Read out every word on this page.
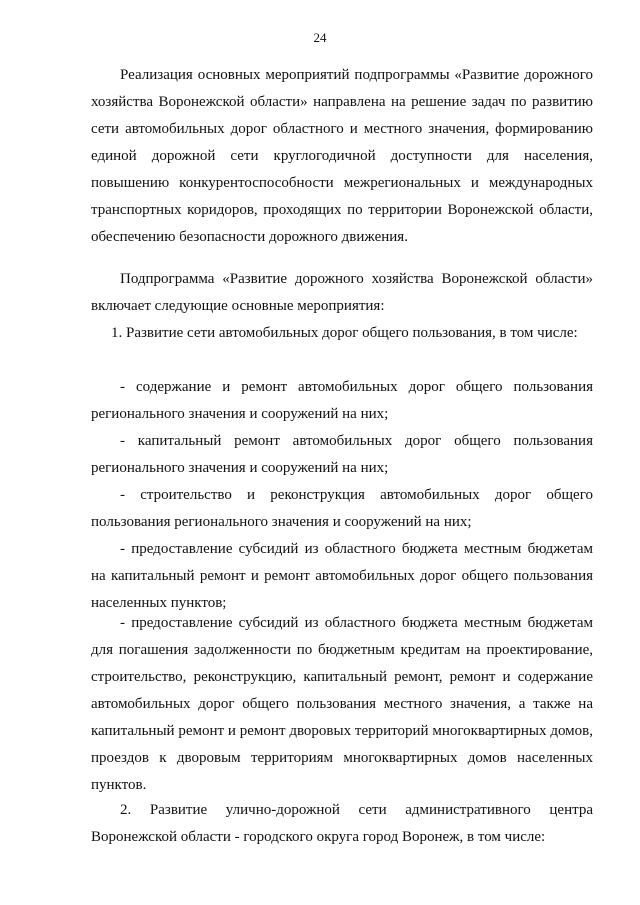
24

Реализация основных мероприятий подпрограммы «Развитие дорожного хозяйства Воронежской области» направлена на решение задач по развитию сети автомобильных дорог областного и местного значения, формированию единой дорожной сети круглогодичной доступности для населения, повышению конкурентоспособности межрегиональных и международных транспортных коридоров, проходящих по территории Воронежской области, обеспечению безопасности дорожного движения.

Подпрограмма «Развитие дорожного хозяйства Воронежской области» включает следующие основные мероприятия:

1. Развитие сети автомобильных дорог общего пользования, в том числе:

- содержание и ремонт автомобильных дорог общего пользования регионального значения и сооружений на них;

- капитальный ремонт автомобильных дорог общего пользования регионального значения и сооружений на них;

- строительство и реконструкция автомобильных дорог общего пользования регионального значения и сооружений на них;

- предоставление субсидий из областного бюджета местным бюджетам на капитальный ремонт и ремонт автомобильных дорог общего пользования населенных пунктов;

- предоставление субсидий из областного бюджета местным бюджетам для погашения задолженности по бюджетным кредитам на проектирование, строительство, реконструкцию, капитальный ремонт, ремонт и содержание автомобильных дорог общего пользования местного значения, а также на капитальный ремонт и ремонт дворовых территорий многоквартирных домов, проездов к дворовым территориям многоквартирных домов населенных пунктов.

2. Развитие улично-дорожной сети административного центра Воронежской области - городского округа город Воронеж, в том числе:
